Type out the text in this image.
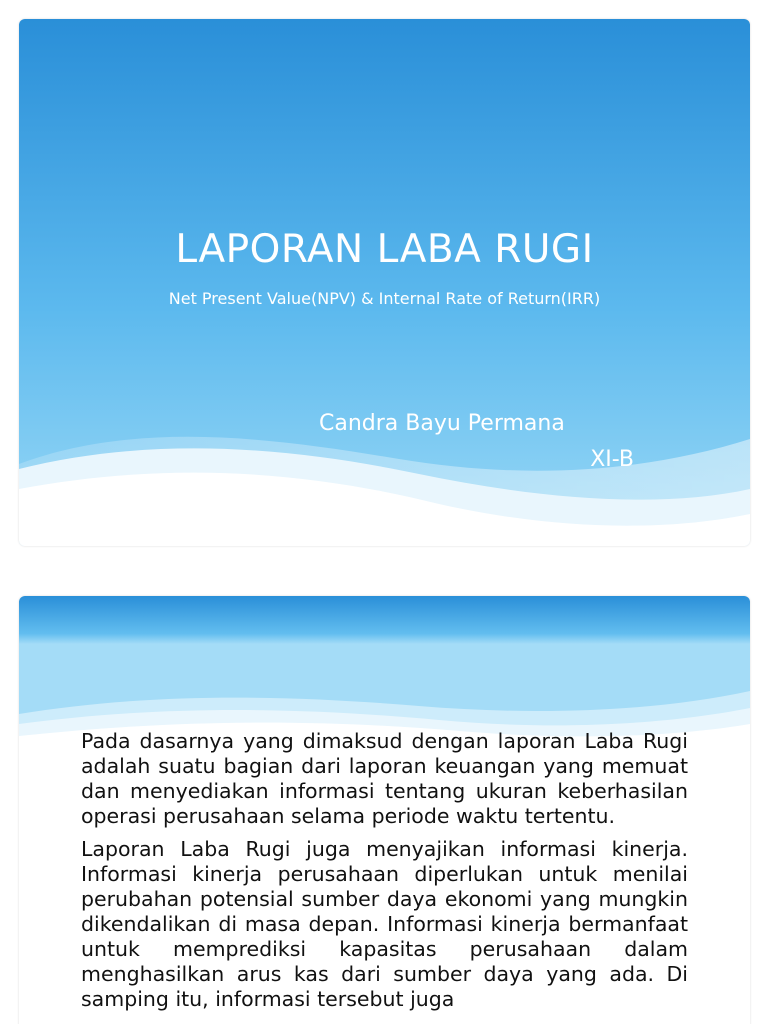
LAPORAN LABA RUGI
Net Present Value(NPV) & Internal Rate of Return(IRR)
Candra Bayu Permana
XI-B

Pada dasarnya yang dimaksud dengan laporan Laba Rugi adalah suatu bagian dari laporan keuangan yang memuat dan menyediakan informasi tentang ukuran keberhasilan operasi perusahaan selama periode waktu tertentu.

Laporan Laba Rugi juga menyajikan informasi kinerja. Informasi kinerja perusahaan diperlukan untuk menilai perubahan potensial sumber daya ekonomi yang mungkin dikendalikan di masa depan. Informasi kinerja bermanfaat untuk memprediksi kapasitas perusahaan dalam menghasilkan arus kas dari sumber daya yang ada. Di samping itu, informasi tersebut juga
